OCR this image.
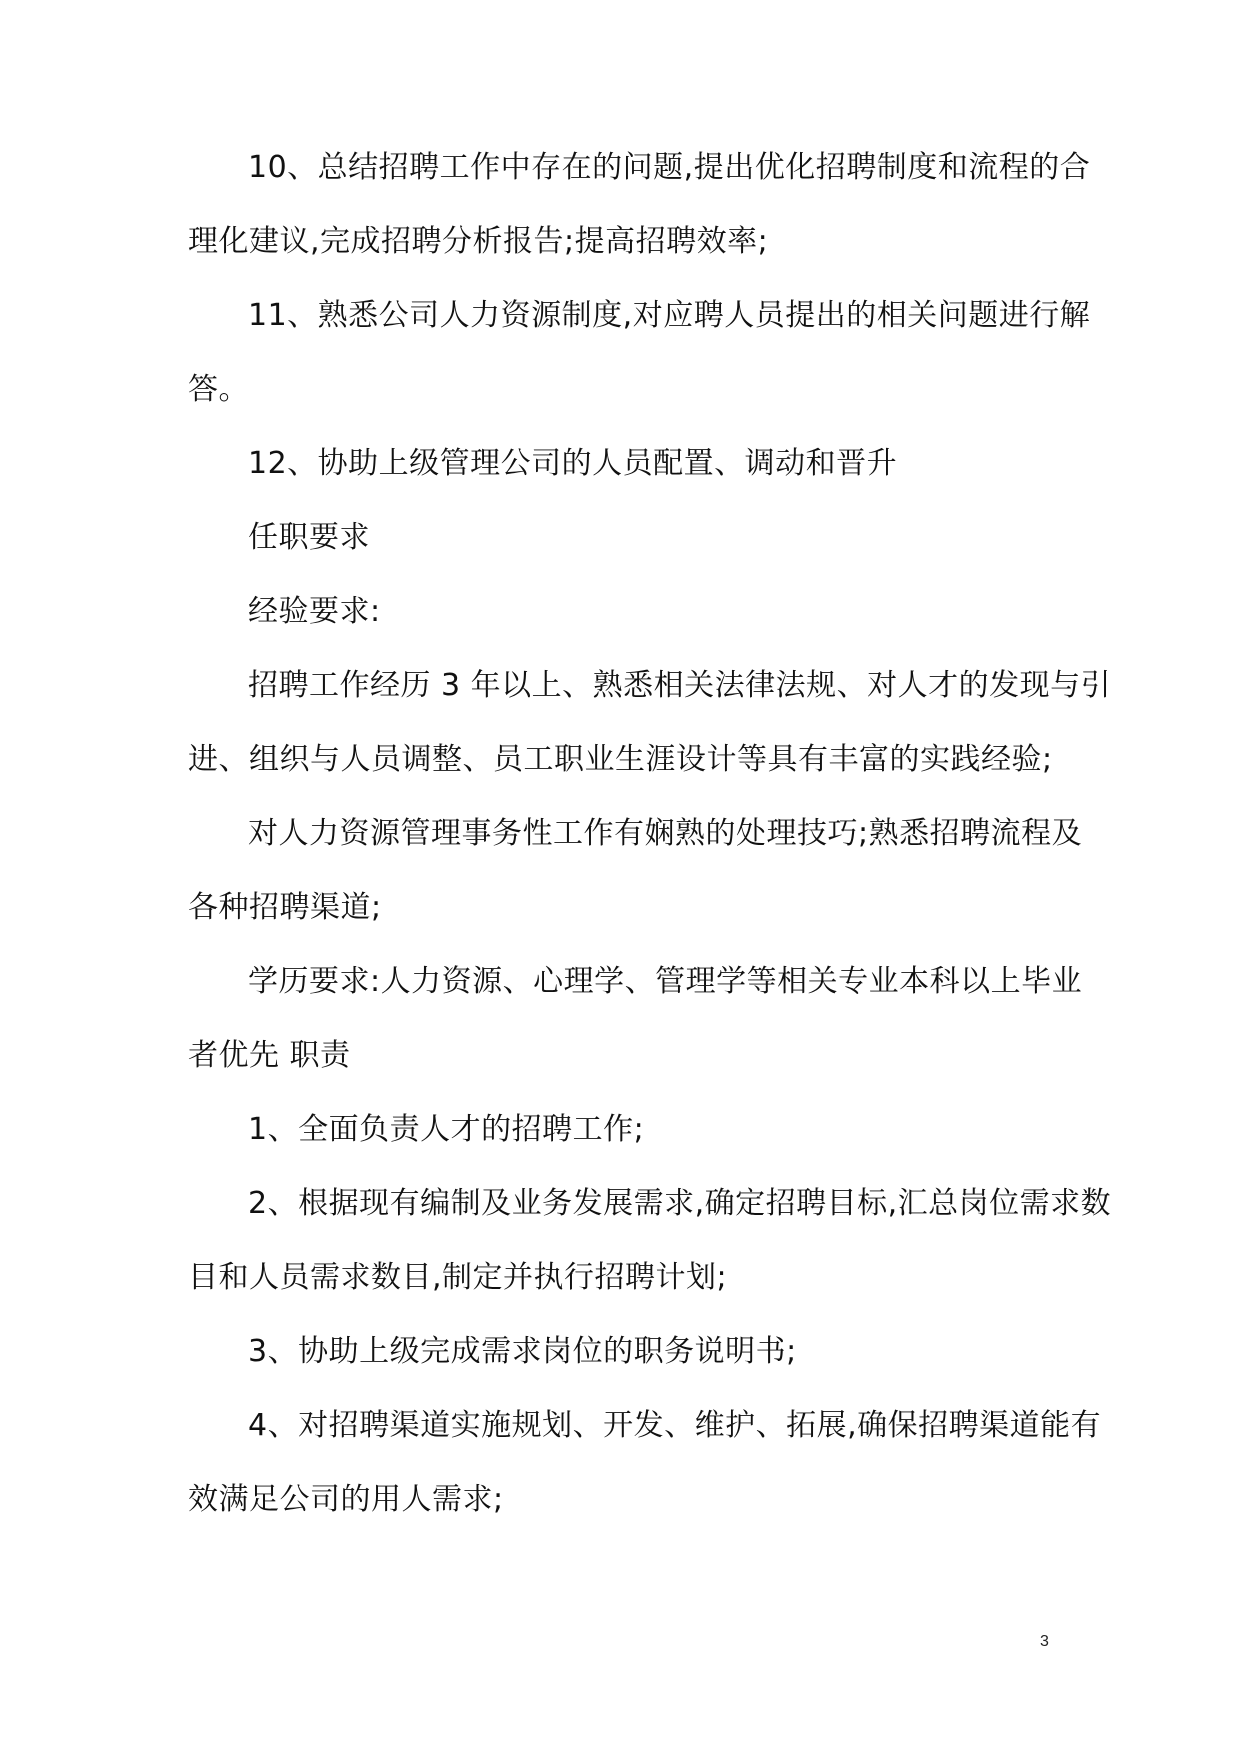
10、总结招聘工作中存在的问题,提出优化招聘制度和流程的合
理化建议,完成招聘分析报告;提高招聘效率;
11、熟悉公司人力资源制度,对应聘人员提出的相关问题进行解
答。
12、协助上级管理公司的人员配置、调动和晋升
任职要求
经验要求:
招聘工作经历 3 年以上、熟悉相关法律法规、对人才的发现与引
进、组织与人员调整、员工职业生涯设计等具有丰富的实践经验;
对人力资源管理事务性工作有娴熟的处理技巧;熟悉招聘流程及
各种招聘渠道;
学历要求:人力资源、心理学、管理学等相关专业本科以上毕业
者优先 职责
1、全面负责人才的招聘工作;
2、根据现有编制及业务发展需求,确定招聘目标,汇总岗位需求数
目和人员需求数目,制定并执行招聘计划;
3、协助上级完成需求岗位的职务说明书;
4、对招聘渠道实施规划、开发、维护、拓展,确保招聘渠道能有
效满足公司的用人需求;
3
